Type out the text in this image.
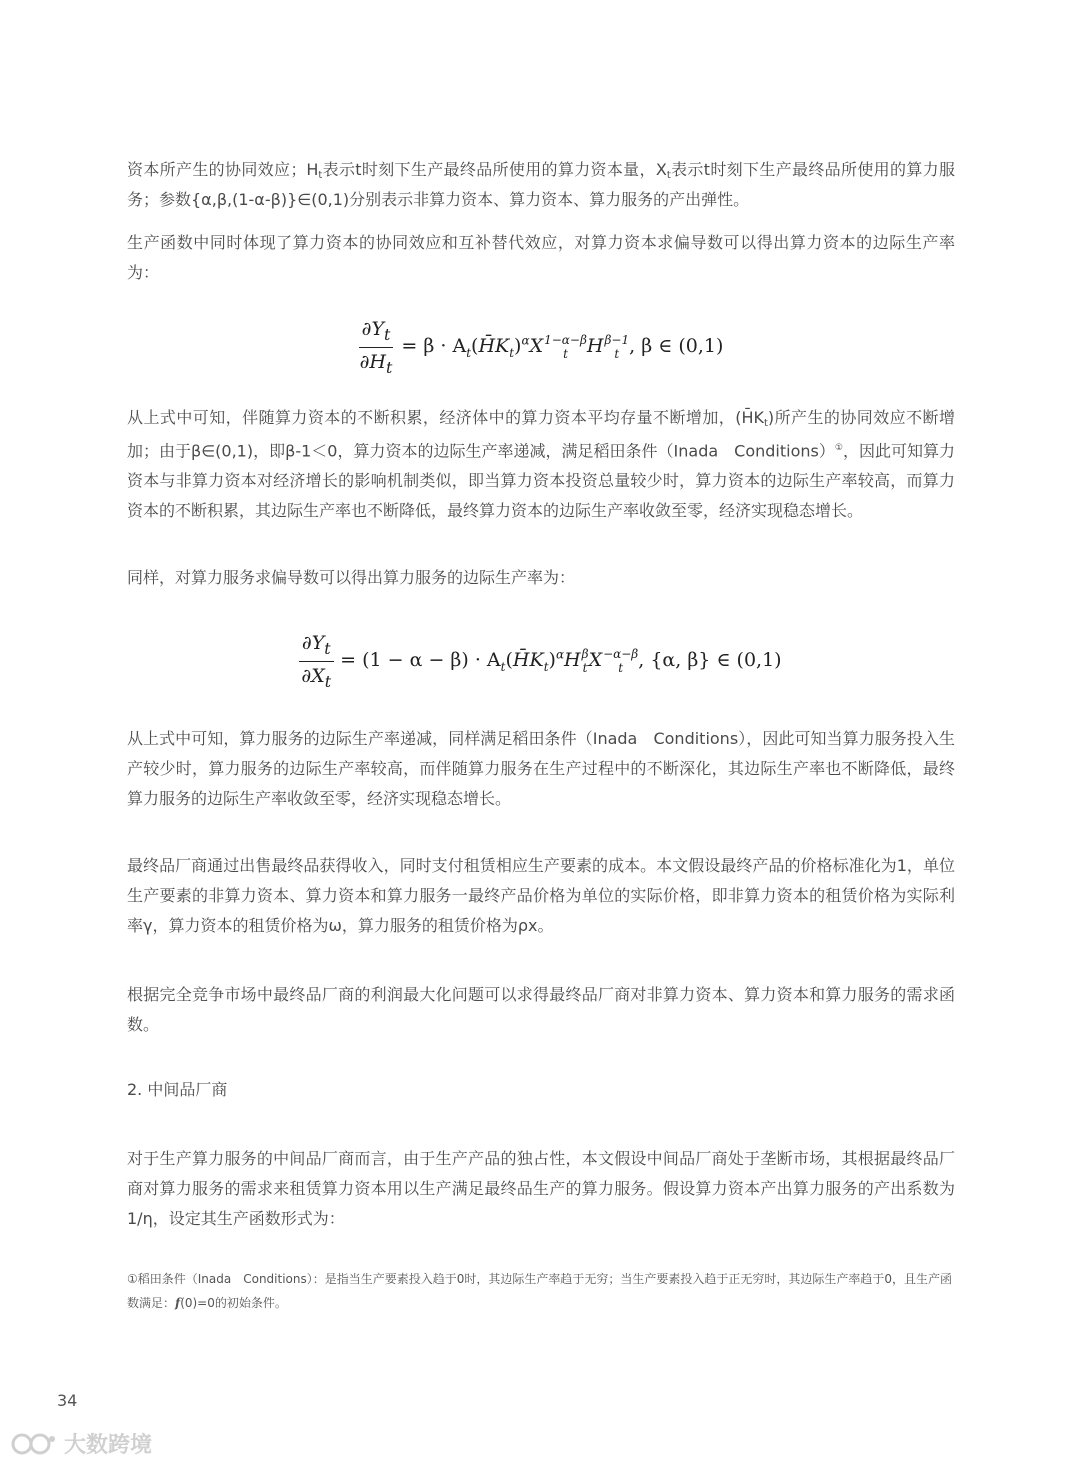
资本所产生的协同效应；$H_t$表示t时刻下生产最终品所使用的算力资本量，$X_t$表示t时刻下生产最终品所使用的算力服务；参数{α,β,(1-α-β)}∈(0,1)分别表示非算力资本、算力资本、算力服务的产出弹性。

生产函数中同时体现了算力资本的协同效应和互补替代效应，对算力资本求偏导数可以得出算力资本的边际生产率为：

$\frac{\partial Y_t}{\partial H_t} = \beta$ · $A_t(H̄K_t)^\alpha X$ 1−α−β
t H β−1
t , β ∈ (0,1)

从上式中可知，伴随算力资本的不断积累，经济体中的算力资本平均存量不断增加，$(H̄K_t)$所产生的协同效应不断增加；由于β∈(0,1)，即β-1＜0，算力资本的边际生产率递减，满足稻田条件（Inada　Conditions）①，因此可知算力资本与非算力资本对经济增长的影响机制类似，即当算力资本投资总量较少时，算力资本的边际生产率较高，而算力资本的不断积累，其边际生产率也不断降低，最终算力资本的边际生产率收敛至零，经济实现稳态增长。

同样，对算力服务求偏导数可以得出算力服务的边际生产率为：

$\frac{\partial Y_t}{\partial X_t} = (1 - \alpha - \beta)$ · $A_t(H̄K_t)^\alpha H$ β
t X −α−β
t , {α, β} ∈ (0,1)

从上式中可知，算力服务的边际生产率递减，同样满足稻田条件（Inada　Conditions），因此可知当算力服务投入生产较少时，算力服务的边际生产率较高，而伴随算力服务在生产过程中的不断深化，其边际生产率也不断降低，最终算力服务的边际生产率收敛至零，经济实现稳态增长。

最终品厂商通过出售最终品获得收入，同时支付租赁相应生产要素的成本。本文假设最终产品的价格标准化为1，单位生产要素的非算力资本、算力资本和算力服务一最终产品价格为单位的实际价格，即非算力资本的租赁价格为实际利率γ，算力资本的租赁价格为ω，算力服务的租赁价格为ρx。

根据完全竞争市场中最终品厂商的利润最大化问题可以求得最终品厂商对非算力资本、算力资本和算力服务的需求函数。

2. 中间品厂商

对于生产算力服务的中间品厂商而言，由于生产产品的独占性，本文假设中间品厂商处于垄断市场，其根据最终品厂商对算力服务的需求来租赁算力资本用以生产满足最终品生产的算力服务。假设算力资本产出算力服务的产出系数为1/η，设定其生产函数形式为：

①稻田条件（Inada　Conditions）：是指当生产要素投入趋于0时，其边际生产率趋于无穷；当生产要素投入趋于正无穷时，其边际生产率趋于0，且生产函数满足：f(0)=0的初始条件。

34
大数跨境
